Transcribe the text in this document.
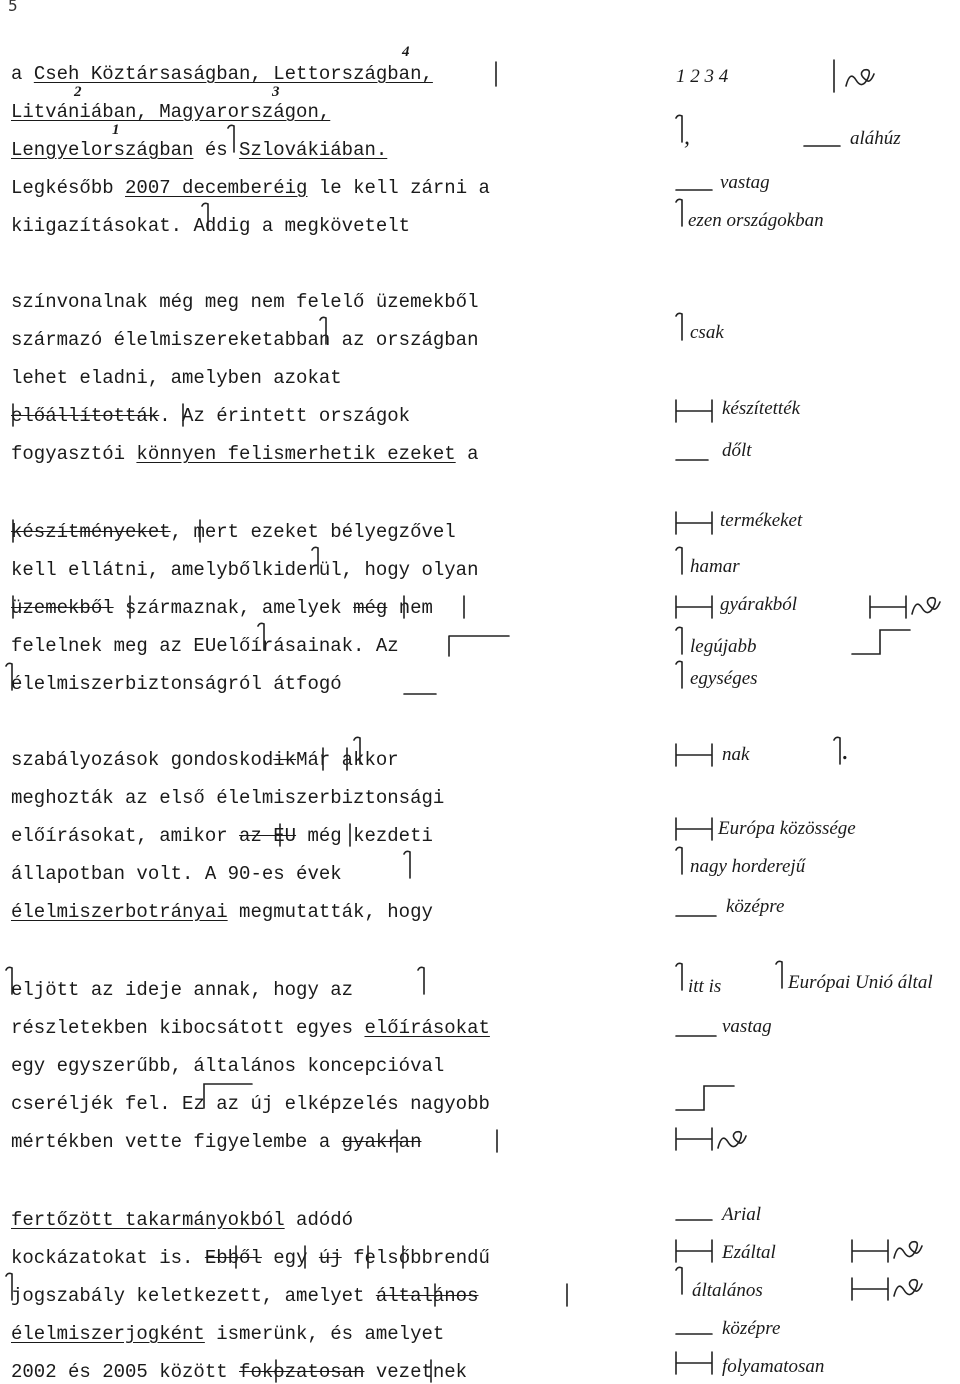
5
4
2	3
1
a Cseh Köztársaságban, Lettországban,
Litvániában, Magyarországon,
Lengyelországban és Szlovákiában.
Legkésőbb 2007 decemberéig le kell zárni a
kiigazításokat. Addig a megkövetelt
1 2 3 4
,	aláhúz
vastag
ezen országokban
színvonalnak még meg nem felelő üzemekből
származó élelmiszereketabban az országban
lehet eladni, amelyben azokat
előállították. Az érintett országok
fogyasztói könnyen felismerhetik ezeket a
csak
készítették
dőlt
készítményeket, mert ezeket bélyegzővel
kell ellátni, amelybőlkiderül, hogy olyan
üzemekből származnak, amelyek még nem
felelnek meg az EUelőírásainak. Az
élelmiszerbiztonságról átfogó
termékeket
hamar
gyárakból
legújabb
egységes
szabályozások gondoskodikMár akkor
meghozták az első élelmiszerbiztonsági
előírásokat, amikor az EU még kezdeti
állapotban volt. A 90-es évek
élelmiszerbotrányai megmutatták, hogy
nak	.
Európa közössége
nagy horderejű
középre
eljött az ideje annak, hogy az
részletekben kibocsátott egyes előírásokat
egy egyszerűbb, általános koncepcióval
cseréljék fel. Ez az új elképzelés nagyobb
mértékben vette figyelembe a gyakran
itt is	Európai Unió által
vastag
fertőzött takarmányokból adódó
kockázatokat is. Ebből egy új felsőbbrendű
jogszabály keletkezett, amelyet általános
élelmiszerjogként ismerünk, és amelyet
2002 és 2005 között fokozatosan vezetnek
Arial
Ezáltal
általános
középre
folyamatosan
